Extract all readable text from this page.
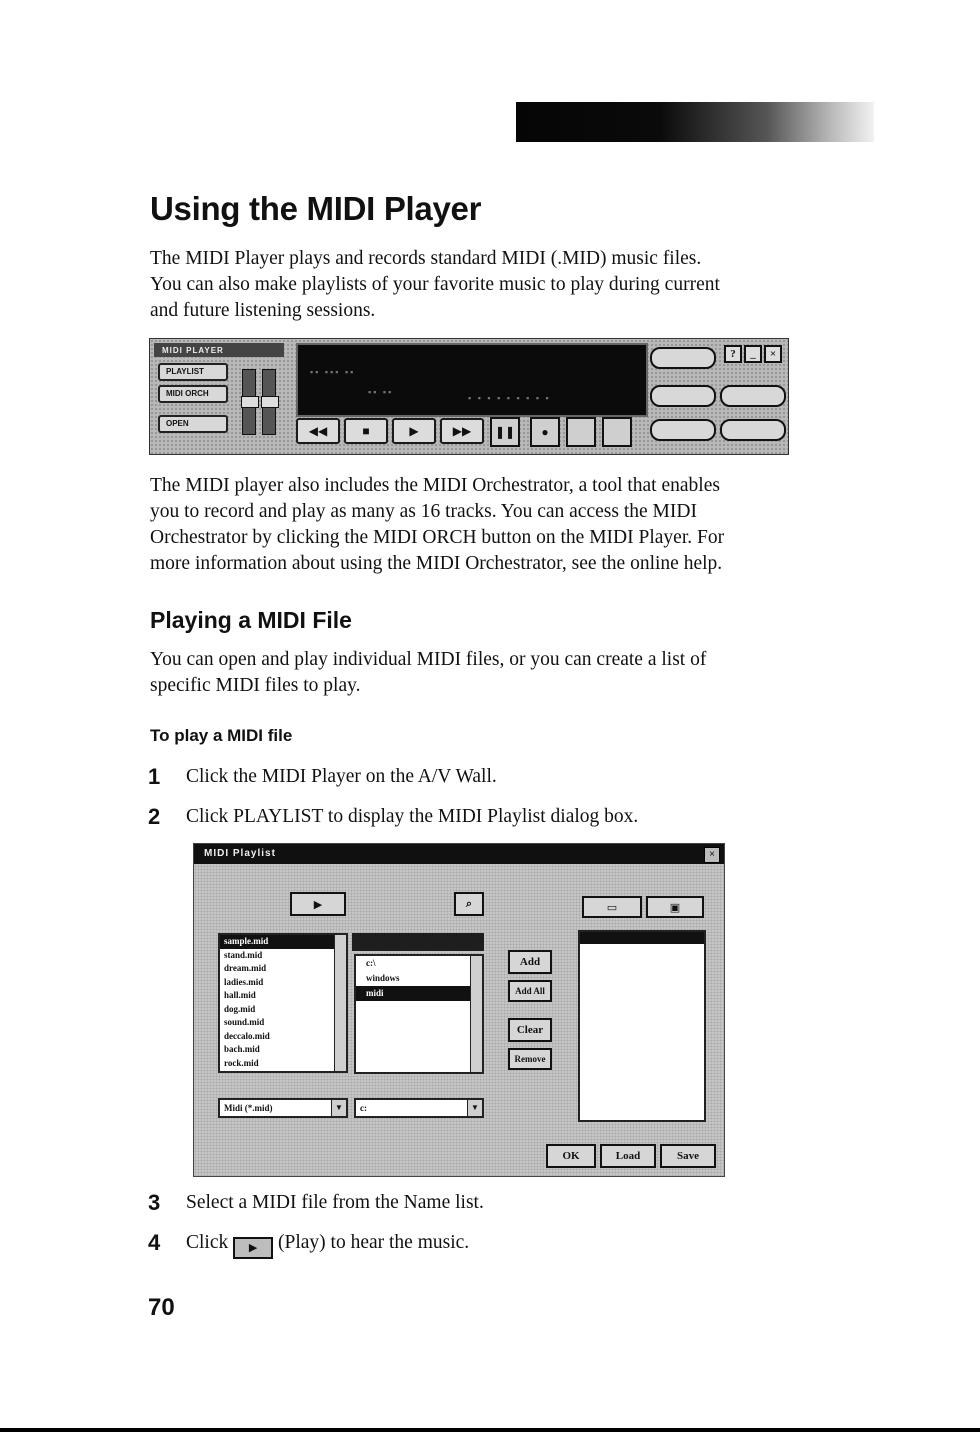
Using the MIDI Player
The MIDI Player plays and records standard MIDI (.MID) music files.
You can also make playlists of your favorite music to play during current
and future listening sessions.
MIDI PLAYER
PLAYLIST
MIDI ORCH
OPEN
▪▪ ▪▪▪ ▪▪
▪▪ ▪▪
▪ ▪ ▪ ▪ ▪ ▪ ▪ ▪ ▪
◀◀	■	▶	▶▶ ❚❚ ●
?	_	×
The MIDI player also includes the MIDI Orchestrator, a tool that enables
you to record and play as many as 16 tracks. You can access the MIDI
Orchestrator by clicking the MIDI ORCH button on the MIDI Player. For
more information about using the MIDI Orchestrator, see the online help.
Playing a MIDI File
You can open and play individual MIDI files, or you can create a list of
specific MIDI files to play.
To play a MIDI file
1 Click the MIDI Player on the A/V Wall.
2 Click PLAYLIST to display the MIDI Playlist dialog box.
MIDI Playlist	×
▶	⌕
sample.mid
stand.mid
dream.mid
ladies.mid
hall.mid
dog.mid
sound.mid
deccalo.mid
bach.mid
rock.mid
c:\
windows
midi
Midi (*.mid)	▼	c:	▼
Add
Add All
Clear
Remove
▭	▣
OK	Load	Save
3 Select a MIDI file from the Name list.
4 Click ▶ (Play) to hear the music.
70
